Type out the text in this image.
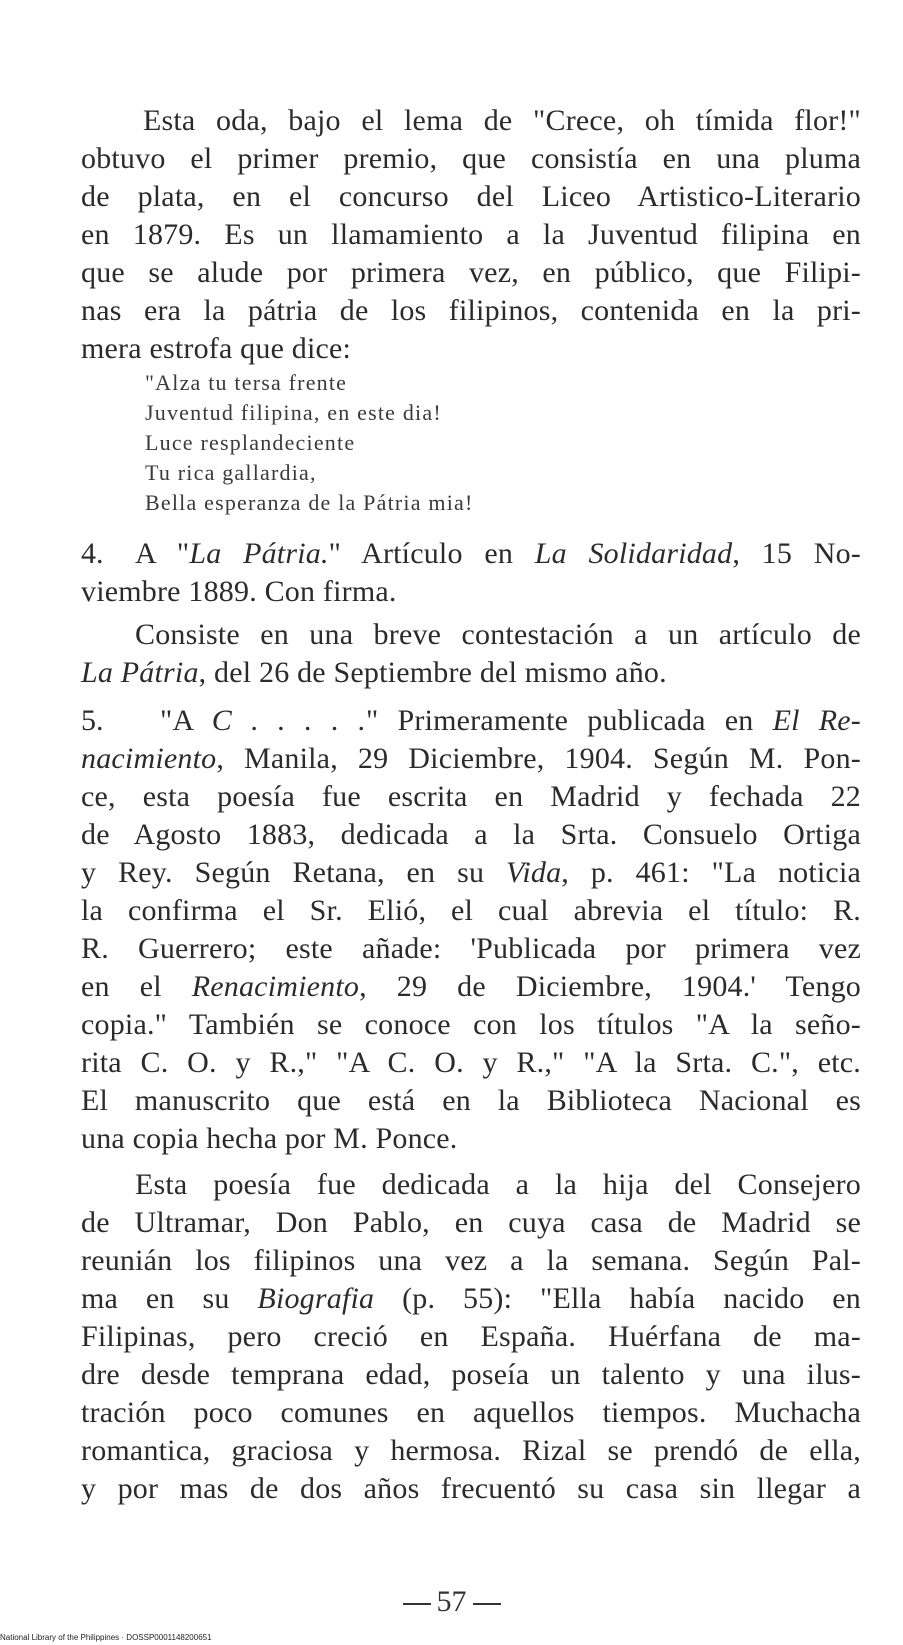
Esta oda, bajo el lema de "Crece, oh tímida flor!"
obtuvo el primer premio, que consistía en una pluma
de plata, en el concurso del Liceo Artistico-Literario
en 1879. Es un llamamiento a la Juventud filipina en
que se alude por primera vez, en público, que Filipi-
nas era la pátria de los filipinos, contenida en la pri-
mera estrofa que dice:
"Alza tu tersa frente
Juventud filipina, en este dia!
Luce resplandeciente
Tu rica gallardia,
Bella esperanza de la Pátria mia!
4. A "La Pátria." Artículo en La Solidaridad, 15 No-
viembre 1889. Con firma.
Consiste en una breve contestación a un artículo de
La Pátria, del 26 de Septiembre del mismo año.
5. "A C . . . . ." Primeramente publicada en El Re-
nacimiento, Manila, 29 Diciembre, 1904. Según M. Pon-
ce, esta poesía fue escrita en Madrid y fechada 22
de Agosto 1883, dedicada a la Srta. Consuelo Ortiga
y Rey. Según Retana, en su Vida, p. 461: "La noticia
la confirma el Sr. Elió, el cual abrevia el título: R.
R. Guerrero; este añade: 'Publicada por primera vez
en el Renacimiento, 29 de Diciembre, 1904.' Tengo
copia." También se conoce con los títulos "A la seño-
rita C. O. y R.," "A C. O. y R.," "A la Srta. C.", etc.
El manuscrito que está en la Biblioteca Nacional es
una copia hecha por M. Ponce.
Esta poesía fue dedicada a la hija del Consejero
de Ultramar, Don Pablo, en cuya casa de Madrid se
reunián los filipinos una vez a la semana. Según Pal-
ma en su Biografia (p. 55): "Ella había nacido en
Filipinas, pero creció en España. Huérfana de ma-
dre desde temprana edad, poseía un talento y una ilus-
tración poco comunes en aquellos tiempos. Muchacha
romantica, graciosa y hermosa. Rizal se prendó de ella,
y por mas de dos años frecuentó su casa sin llegar a
57
National Library of the Philippines · DOSSP0001148200651
